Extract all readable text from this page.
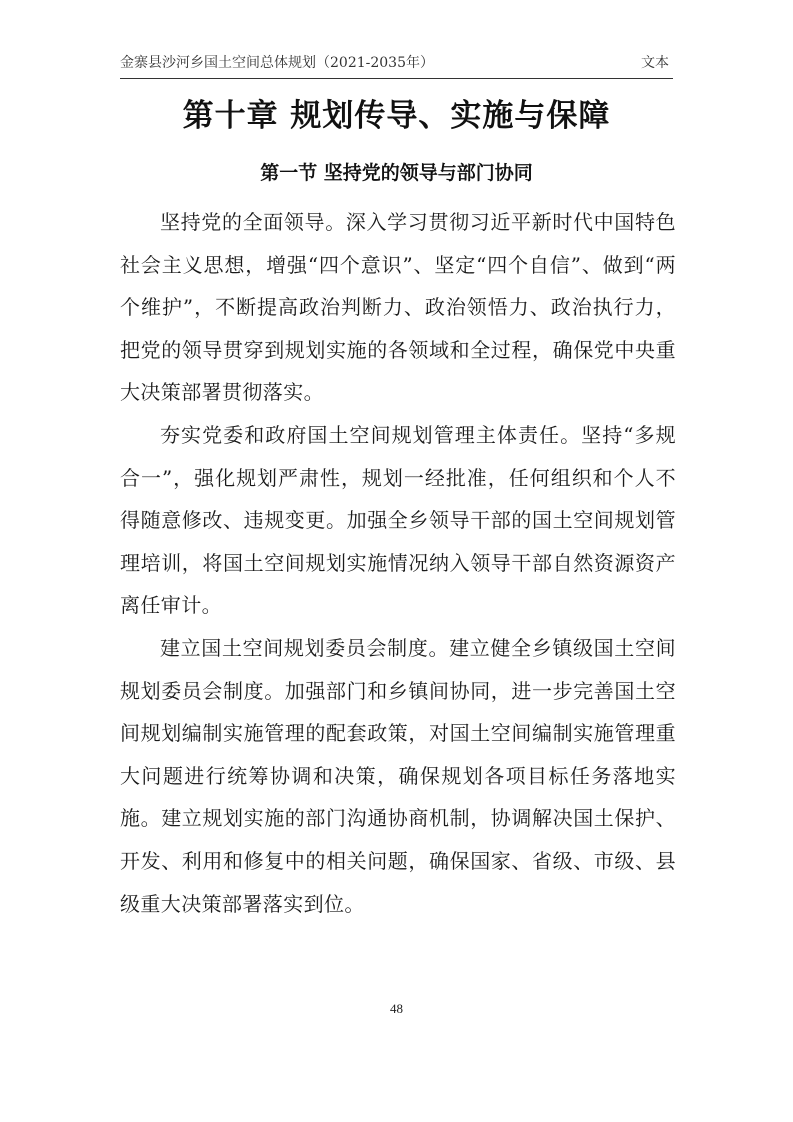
金寨县沙河乡国土空间总体规划（2021-2035年）	文本
第十章 规划传导、实施与保障
第一节 坚持党的领导与部门协同

坚持党的全面领导。深入学习贯彻习近平新时代中国特色社会主义思想，增强“四个意识”、坚定“四个自信”、做到“两个维护”，不断提高政治判断力、政治领悟力、政治执行力，把党的领导贯穿到规划实施的各领域和全过程，确保党中央重大决策部署贯彻落实。

夯实党委和政府国土空间规划管理主体责任。坚持“多规合一”，强化规划严肃性，规划一经批准，任何组织和个人不得随意修改、违规变更。加强全乡领导干部的国土空间规划管理培训，将国土空间规划实施情况纳入领导干部自然资源资产离任审计。

建立国土空间规划委员会制度。建立健全乡镇级国土空间规划委员会制度。加强部门和乡镇间协同，进一步完善国土空间规划编制实施管理的配套政策，对国土空间编制实施管理重大问题进行统筹协调和决策，确保规划各项目标任务落地实施。建立规划实施的部门沟通协商机制，协调解决国土保护、开发、利用和修复中的相关问题，确保国家、省级、市级、县级重大决策部署落实到位。

48
